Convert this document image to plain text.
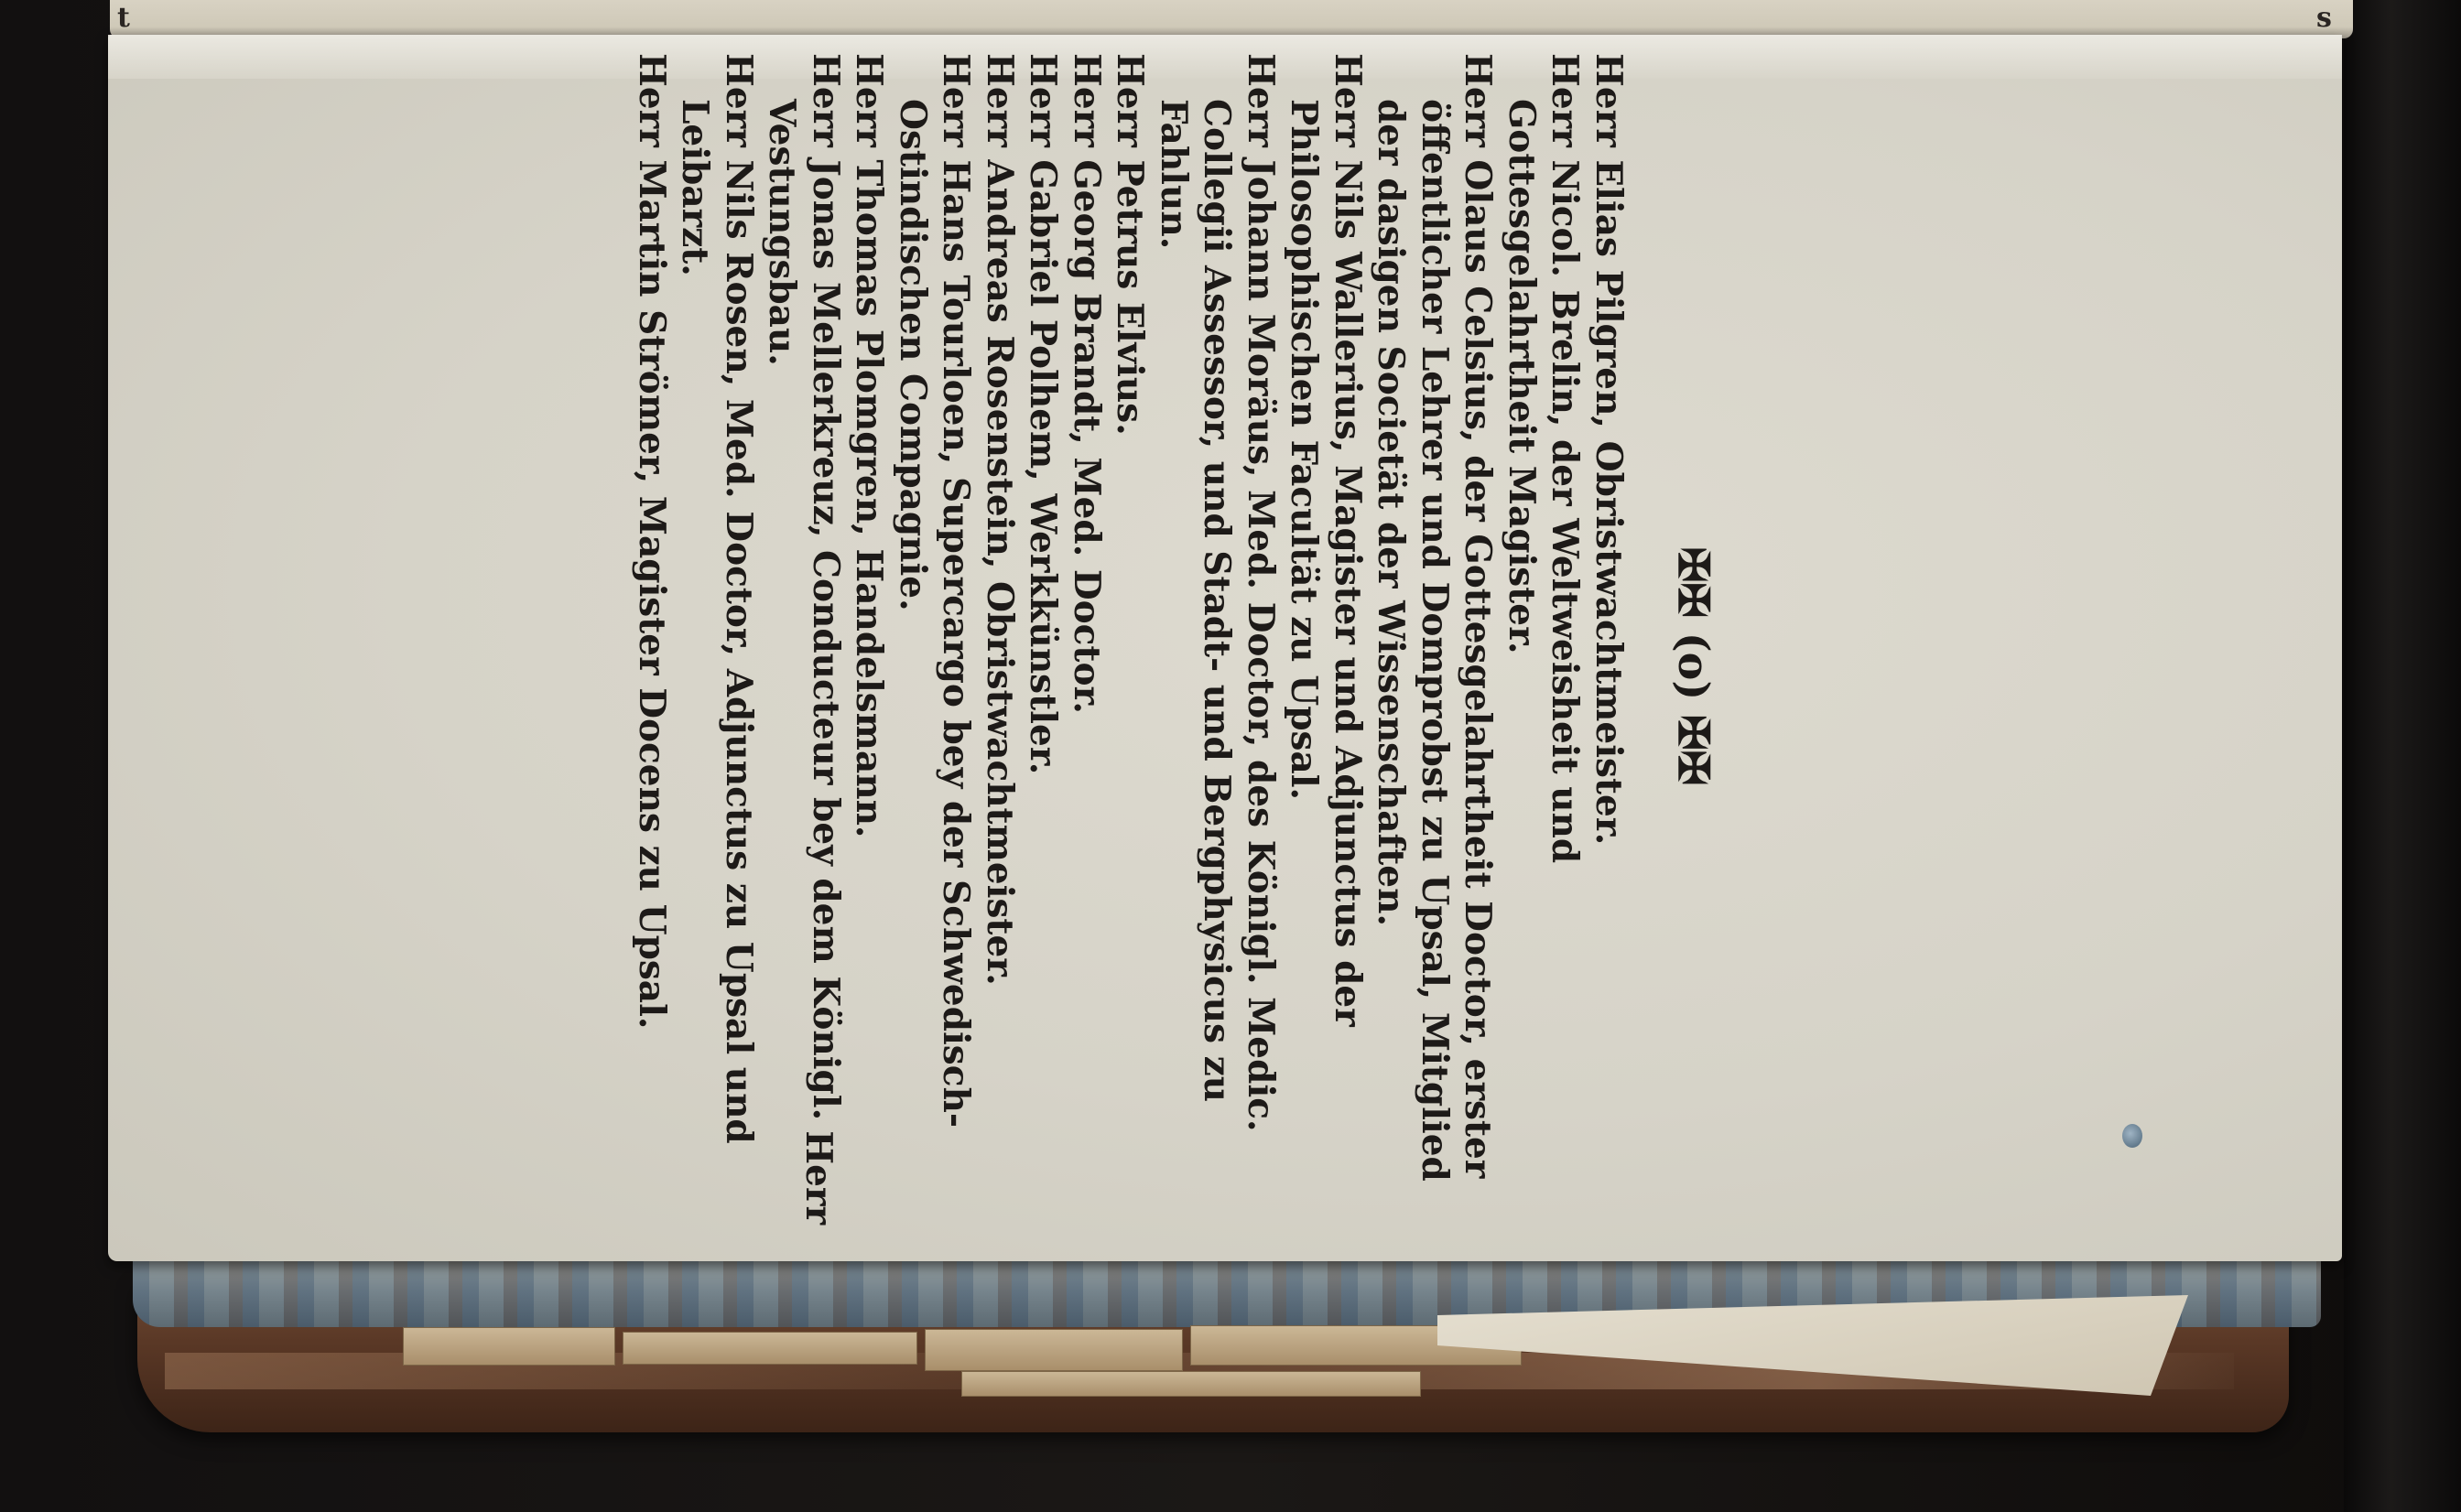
t	s
✠✠ (o) ✠✠
Herr Elias Pilgren, Obristwachtmeister.
Herr Nicol. Brelin, der Weltweisheit und Gottesgelahrtheit Magister.
Herr Olaus Celsius, der Gottesgelahrtheit Doctor, erster öffentlicher Lehrer und Domprobst zu Upsal, Mitglied der dasigen Societät der Wissenschaften.
Herr Nils Wallerius, Magister und Adjunctus der Philosophischen Facultät zu Upsal.
Herr Johann Moräus, Med. Doctor, des Königl. Medic. Collegii Assessor, und Stadt- und Bergphysicus zu Fahlun.
Herr Petrus Elvius.
Herr Georg Brandt, Med. Doctor.
Herr Gabriel Polhem, Werkkünstler.
Herr Andreas Rosenstein, Obristwachtmeister.
Herr Hans Tourloen, Supercargo bey der Schwedisch-Ostindischen Compagnie.
Herr Thomas Plomgren, Handelsmann.
Herr Jonas Mellerkreuz, Conducteur bey dem Königl. Vestungsbau.
Herr Nils Rosen, Med. Doctor, Adjunctus zu Upsal und Leibarzt.
Herr Martin Strömer, Magister Docens zu Upsal.
Herr
